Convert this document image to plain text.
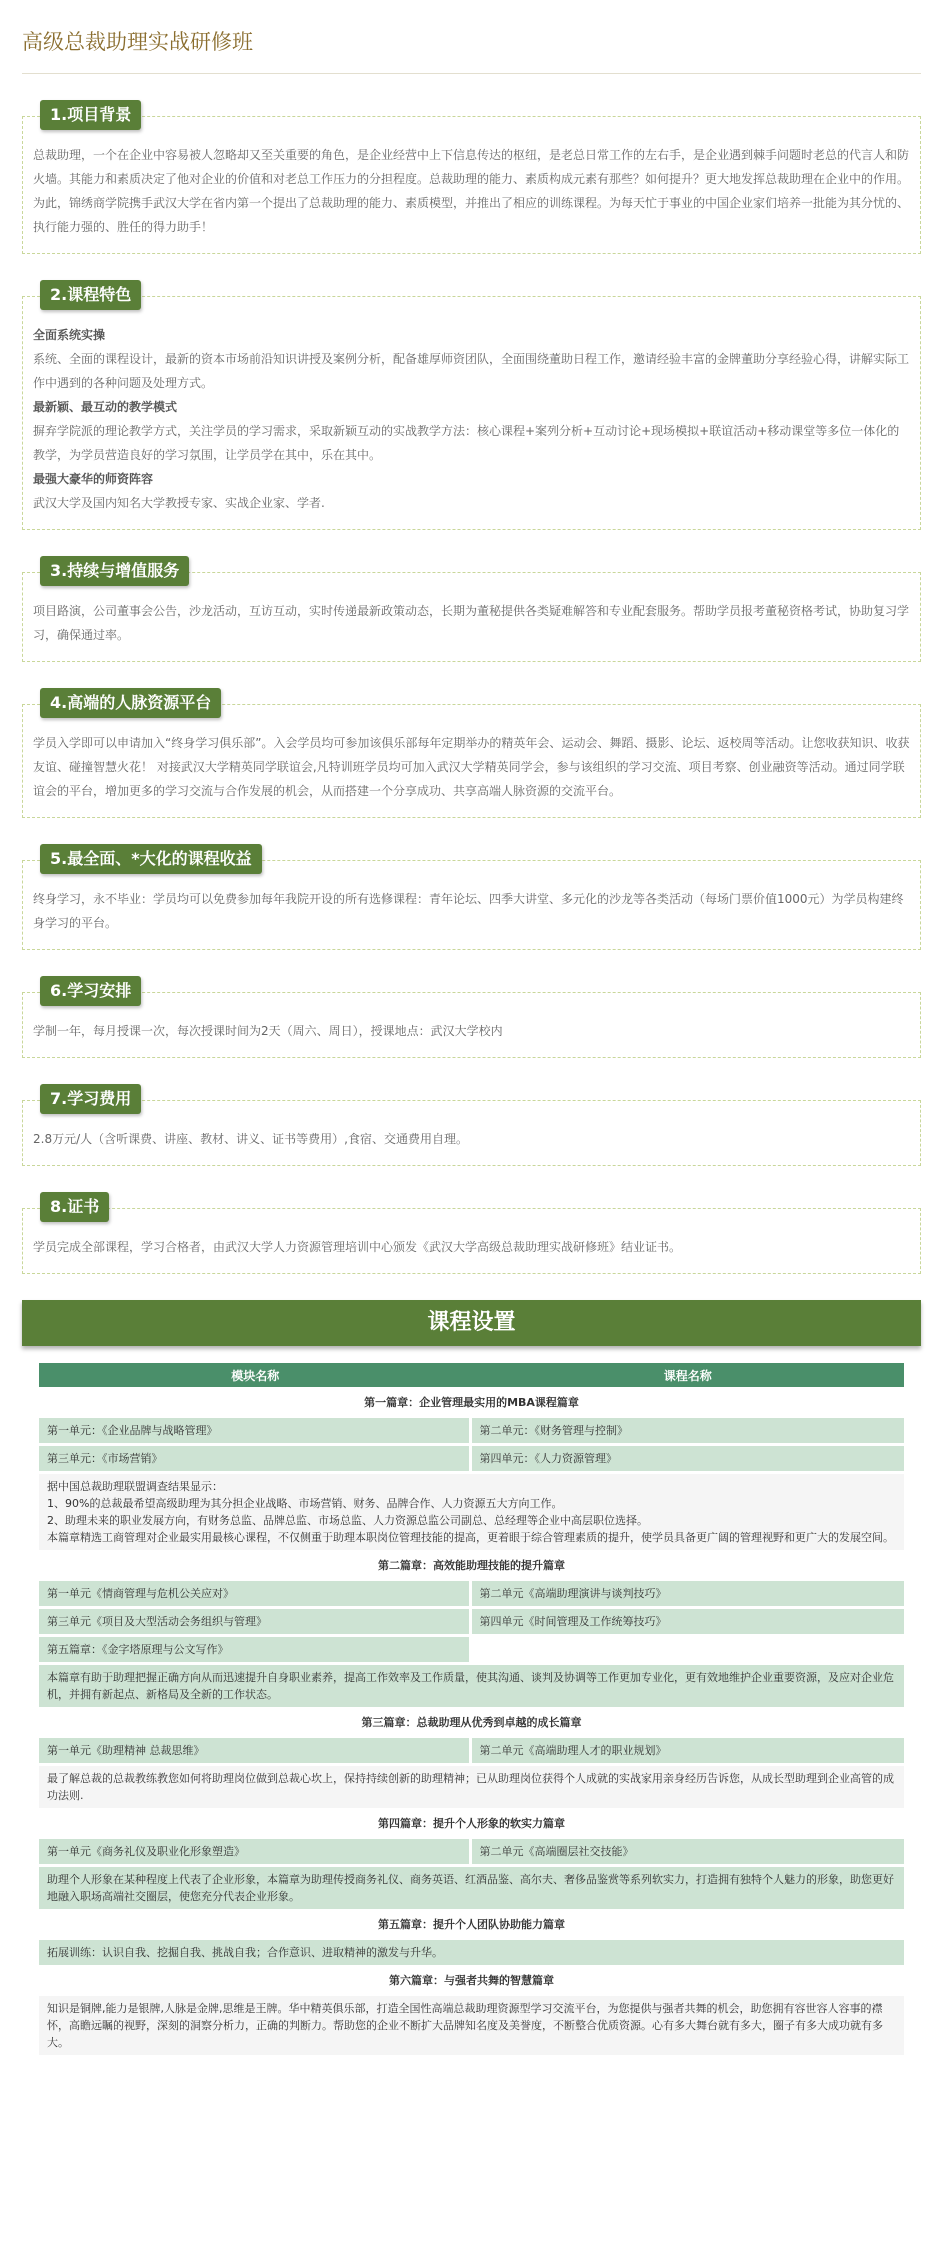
高级总裁助理实战研修班
1.项目背景

总裁助理，一个在企业中容易被人忽略却又至关重要的角色，是企业经营中上下信息传达的枢纽，是老总日常工作的左右手，是企业遇到棘手问题时老总的代言人和防火墙。其能力和素质决定了他对企业的价值和对老总工作压力的分担程度。总裁助理的能力、素质构成元素有那些？如何提升？更大地发挥总裁助理在企业中的作用。为此，锦绣商学院携手武汉大学在省内第一个提出了总裁助理的能力、素质模型，并推出了相应的训练课程。为每天忙于事业的中国企业家们培养一批能为其分忧的、执行能力强的、胜任的得力助手！

2.课程特色

全面系统实操

系统、全面的课程设计，最新的资本市场前沿知识讲授及案例分析，配备雄厚师资团队，全面围绕董助日程工作，邀请经验丰富的金牌董助分享经验心得，讲解实际工作中遇到的各种问题及处理方式。

最新颖、最互动的教学模式

摒弃学院派的理论教学方式，关注学员的学习需求，采取新颖互动的实战教学方法：核心课程+案列分析+互动讨论+现场模拟+联谊活动+移动课堂等多位一体化的教学，为学员营造良好的学习氛围，让学员学在其中，乐在其中。

最强大豪华的师资阵容

武汉大学及国内知名大学教授专家、实战企业家、学者.

3.持续与增值服务

项目路演，公司董事会公告，沙龙活动，互访互动，实时传递最新政策动态，长期为董秘提供各类疑难解答和专业配套服务。帮助学员报考董秘资格考试，协助复习学习，确保通过率。

4.高端的人脉资源平台

学员入学即可以申请加入“终身学习俱乐部”。入会学员均可参加该俱乐部每年定期举办的精英年会、运动会、舞蹈、摄影、论坛、返校周等活动。让您收获知识、收获友谊、碰撞智慧火花！ 对接武汉大学精英同学联谊会,凡特训班学员均可加入武汉大学精英同学会，参与该组织的学习交流、项目考察、创业融资等活动。通过同学联谊会的平台，增加更多的学习交流与合作发展的机会，从而搭建一个分享成功、共享高端人脉资源的交流平台。

5.最全面、*大化的课程收益

终身学习，永不毕业：学员均可以免费参加每年我院开设的所有选修课程：青年论坛、四季大讲堂、多元化的沙龙等各类活动（每场门票价值1000元）为学员构建终身学习的平台。

6.学习安排

学制一年，每月授课一次，每次授课时间为2天（周六、周日），授课地点：武汉大学校内

7.学习费用

2.8万元/人（含听课费、讲座、教材、讲义、证书等费用）,食宿、交通费用自理。

8.证书

学员完成全部课程，学习合格者，由武汉大学人力资源管理培训中心颁发《武汉大学高级总裁助理实战研修班》结业证书。

课程设置
模块名称	课程名称
第一篇章：企业管理最实用的MBA课程篇章	
第一单元：《企业品牌与战略管理》	第二单元：《财务管理与控制》
第三单元：《市场营销》	第四单元：《人力资源管理》
据中国总裁助理联盟调查结果显示：
1、90%的总裁最希望高级助理为其分担企业战略、市场营销、财务、品牌合作、人力资源五大方向工作。
2、助理未来的职业发展方向，有财务总监、品牌总监、市场总监、人力资源总监公司副总、总经理等企业中高层职位选择。
本篇章精选工商管理对企业最实用最核心课程，不仅侧重于助理本职岗位管理技能的提高，更着眼于综合管理素质的提升，使学员具备更广阔的管理视野和更广大的发展空间。	
第二篇章：高效能助理技能的提升篇章	
第一单元《情商管理与危机公关应对》	第二单元《高端助理演讲与谈判技巧》
第三单元《项目及大型活动会务组织与管理》	第四单元《时间管理及工作统筹技巧》
第五篇章：《金字塔原理与公文写作》	
本篇章有助于助理把握正确方向从而迅速提升自身职业素养，提高工作效率及工作质量，使其沟通、谈判及协调等工作更加专业化，更有效地维护企业重要资源，及应对企业危机，并拥有新起点、新格局及全新的工作状态。	
第三篇章：总裁助理从优秀到卓越的成长篇章	
第一单元《助理精神 总裁思维》	第二单元《高端助理人才的职业规划》
最了解总裁的总裁教练教您如何将助理岗位做到总裁心坎上，保持持续创新的助理精神；已从助理岗位获得个人成就的实战家用亲身经历告诉您，从成长型助理到企业高管的成功法则.	
第四篇章：提升个人形象的软实力篇章	
第一单元《商务礼仪及职业化形象塑造》	第二单元《高端圈层社交技能》
助理个人形象在某种程度上代表了企业形象，本篇章为助理传授商务礼仪、商务英语、红酒品鉴、高尔夫、奢侈品鉴赏等系列软实力，打造拥有独特个人魅力的形象，助您更好地融入职场高端社交圈层，使您充分代表企业形象。	
第五篇章：提升个人团队协助能力篇章	
拓展训练：认识自我、挖掘自我、挑战自我；合作意识、进取精神的激发与升华。	
第六篇章：与强者共舞的智慧篇章	
知识是铜牌,能力是银牌,人脉是金牌,思维是王牌。华中精英俱乐部，打造全国性高端总裁助理资源型学习交流平台，为您提供与强者共舞的机会，助您拥有容世容人容事的襟怀，高瞻远瞩的视野，深刻的洞察分析力，正确的判断力。帮助您的企业不断扩大品牌知名度及美誉度，不断整合优质资源。心有多大舞台就有多大，圈子有多大成功就有多大。	
